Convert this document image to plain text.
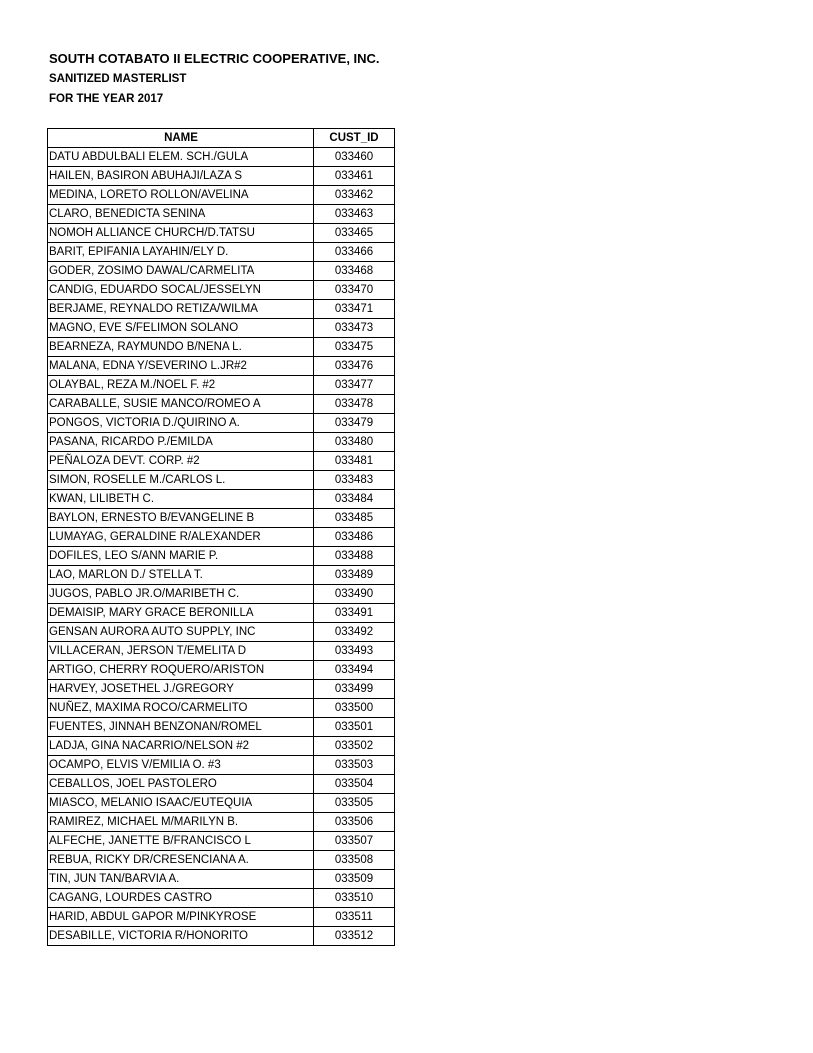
SOUTH COTABATO II ELECTRIC COOPERATIVE, INC.
SANITIZED MASTERLIST
FOR THE YEAR 2017
NAME	CUST_ID
DATU ABDULBALI ELEM. SCH./GULA	033460
HAILEN, BASIRON ABUHAJI/LAZA S	033461
MEDINA, LORETO ROLLON/AVELINA	033462
CLARO, BENEDICTA SENINA	033463
NOMOH ALLIANCE CHURCH/D.TATSU	033465
BARIT, EPIFANIA LAYAHIN/ELY D.	033466
GODER, ZOSIMO DAWAL/CARMELITA	033468
CANDIG, EDUARDO SOCAL/JESSELYN	033470
BERJAME, REYNALDO RETIZA/WILMA	033471
MAGNO, EVE S/FELIMON SOLANO	033473
BEARNEZA, RAYMUNDO B/NENA L.	033475
MALANA, EDNA Y/SEVERINO L.JR#2	033476
OLAYBAL, REZA M./NOEL F. #2	033477
CARABALLE, SUSIE MANCO/ROMEO A	033478
PONGOS, VICTORIA D./QUIRINO A.	033479
PASANA, RICARDO P./EMILDA	033480
PEÑALOZA DEVT. CORP. #2	033481
SIMON, ROSELLE M./CARLOS L.	033483
KWAN, LILIBETH C.	033484
BAYLON, ERNESTO B/EVANGELINE B	033485
LUMAYAG, GERALDINE R/ALEXANDER	033486
DOFILES, LEO S/ANN MARIE P.	033488
LAO, MARLON D./ STELLA T.	033489
JUGOS, PABLO JR.O/MARIBETH C.	033490
DEMAISIP, MARY GRACE BERONILLA	033491
GENSAN AURORA AUTO SUPPLY, INC	033492
VILLACERAN, JERSON T/EMELITA D	033493
ARTIGO, CHERRY ROQUERO/ARISTON	033494
HARVEY, JOSETHEL J./GREGORY	033499
NUÑEZ, MAXIMA ROCO/CARMELITO	033500
FUENTES, JINNAH BENZONAN/ROMEL	033501
LADJA, GINA NACARRIO/NELSON #2	033502
OCAMPO, ELVIS V/EMILIA O. #3	033503
CEBALLOS, JOEL PASTOLERO	033504
MIASCO, MELANIO ISAAC/EUTEQUIA	033505
RAMIREZ, MICHAEL M/MARILYN B.	033506
ALFECHE, JANETTE B/FRANCISCO L	033507
REBUA, RICKY DR/CRESENCIANA A.	033508
TIN, JUN TAN/BARVIA A.	033509
CAGANG, LOURDES CASTRO	033510
HARID, ABDUL GAPOR M/PINKYROSE	033511
DESABILLE, VICTORIA R/HONORITO	033512
